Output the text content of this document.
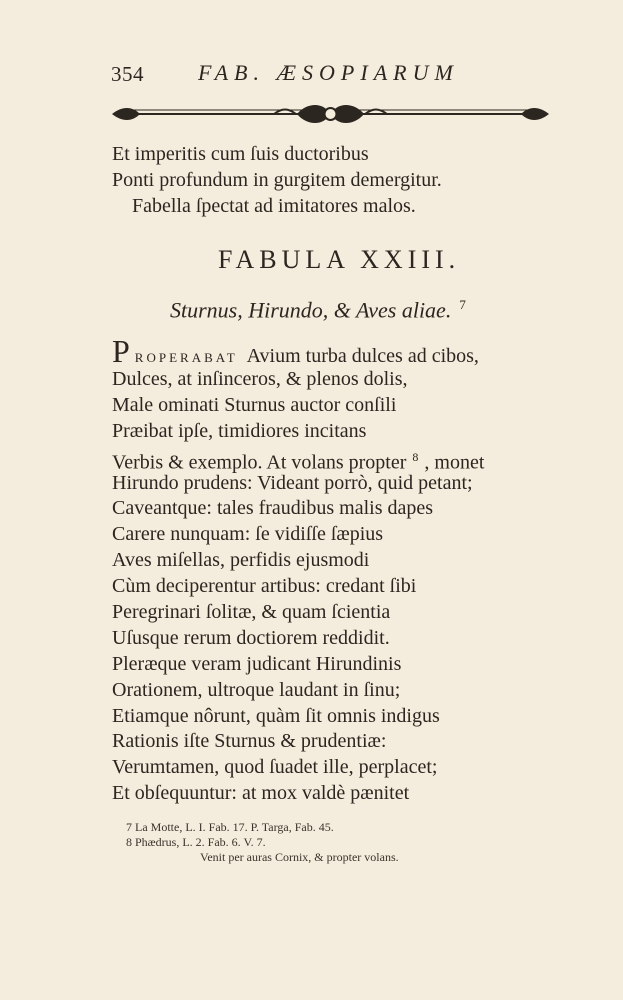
354 FAB. ÆSOPIARUM
Et imperitis cum ſuis ductoribus
Ponti profundum in gurgitem demergitur.
Fabella ſpectat ad imitatores malos.
FABULA XXIII.
Sturnus, Hirundo, & Aves aliae. $^7$
P ROPERABAT Avium turba dulces ad cibos,
Dulces, at inſinceros, & plenos dolis,
Male ominati Sturnus auctor conſili
Præibat ipſe, timidiores incitans
Verbis & exemplo. At volans propter $^8$ , monet
Hirundo prudens: Videant porrò, quid petant;
Caveantque: tales fraudibus malis dapes
Carere nunquam: ſe vidiſſe ſæpius
Aves miſellas, perfidis ejusmodi
Cùm deciperentur artibus: credant ſibi
Peregrinari ſolitæ, & quam ſcientia
Uſusque rerum doctiorem reddidit.
Pleræque veram judicant Hirundinis
Orationem, ultroque laudant in ſinu;
Etiamque nôrunt, quàm ſit omnis indigus
Rationis iſte Sturnus & prudentiæ:
Verumtamen, quod ſuadet ille, perplacet;
Et obſequuntur: at mox valdè pænitet
7 La Motte, L. I. Fab. 17. P. Targa, Fab. 45.
8 Phædrus, L. 2. Fab. 6. V. 7.
Venit per auras Cornix, & propter volans.
